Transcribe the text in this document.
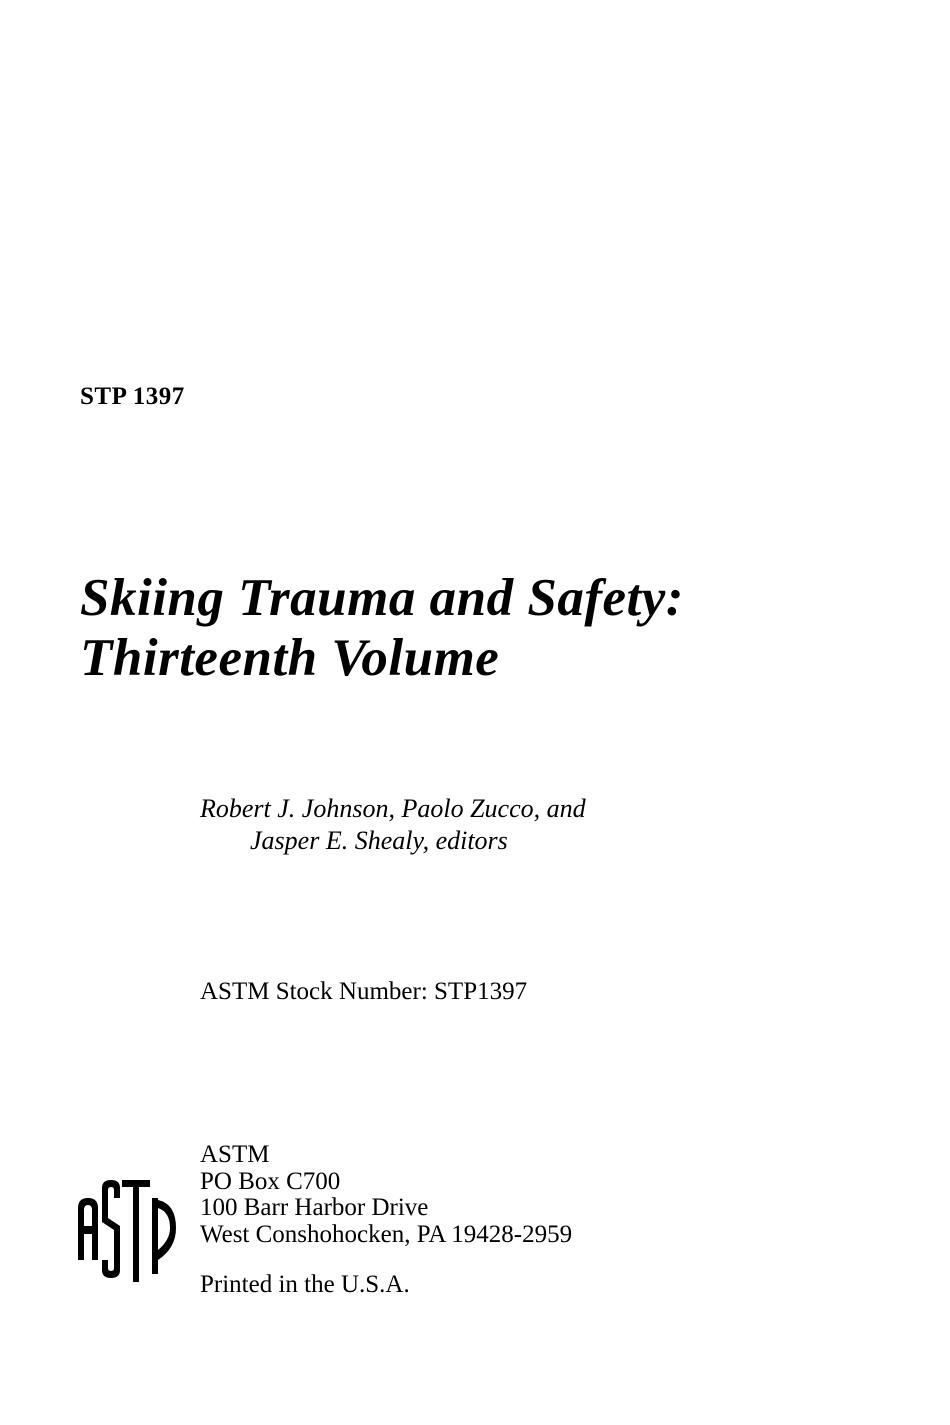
STP 1397
Skiing Trauma and Safety:
Thirteenth Volume
Robert J. Johnson, Paolo Zucco, and
Jasper E. Shealy, editors
ASTM Stock Number: STP1397
ASTM
PO Box C700
100 Barr Harbor Drive
West Conshohocken, PA 19428-2959
Printed in the U.S.A.
